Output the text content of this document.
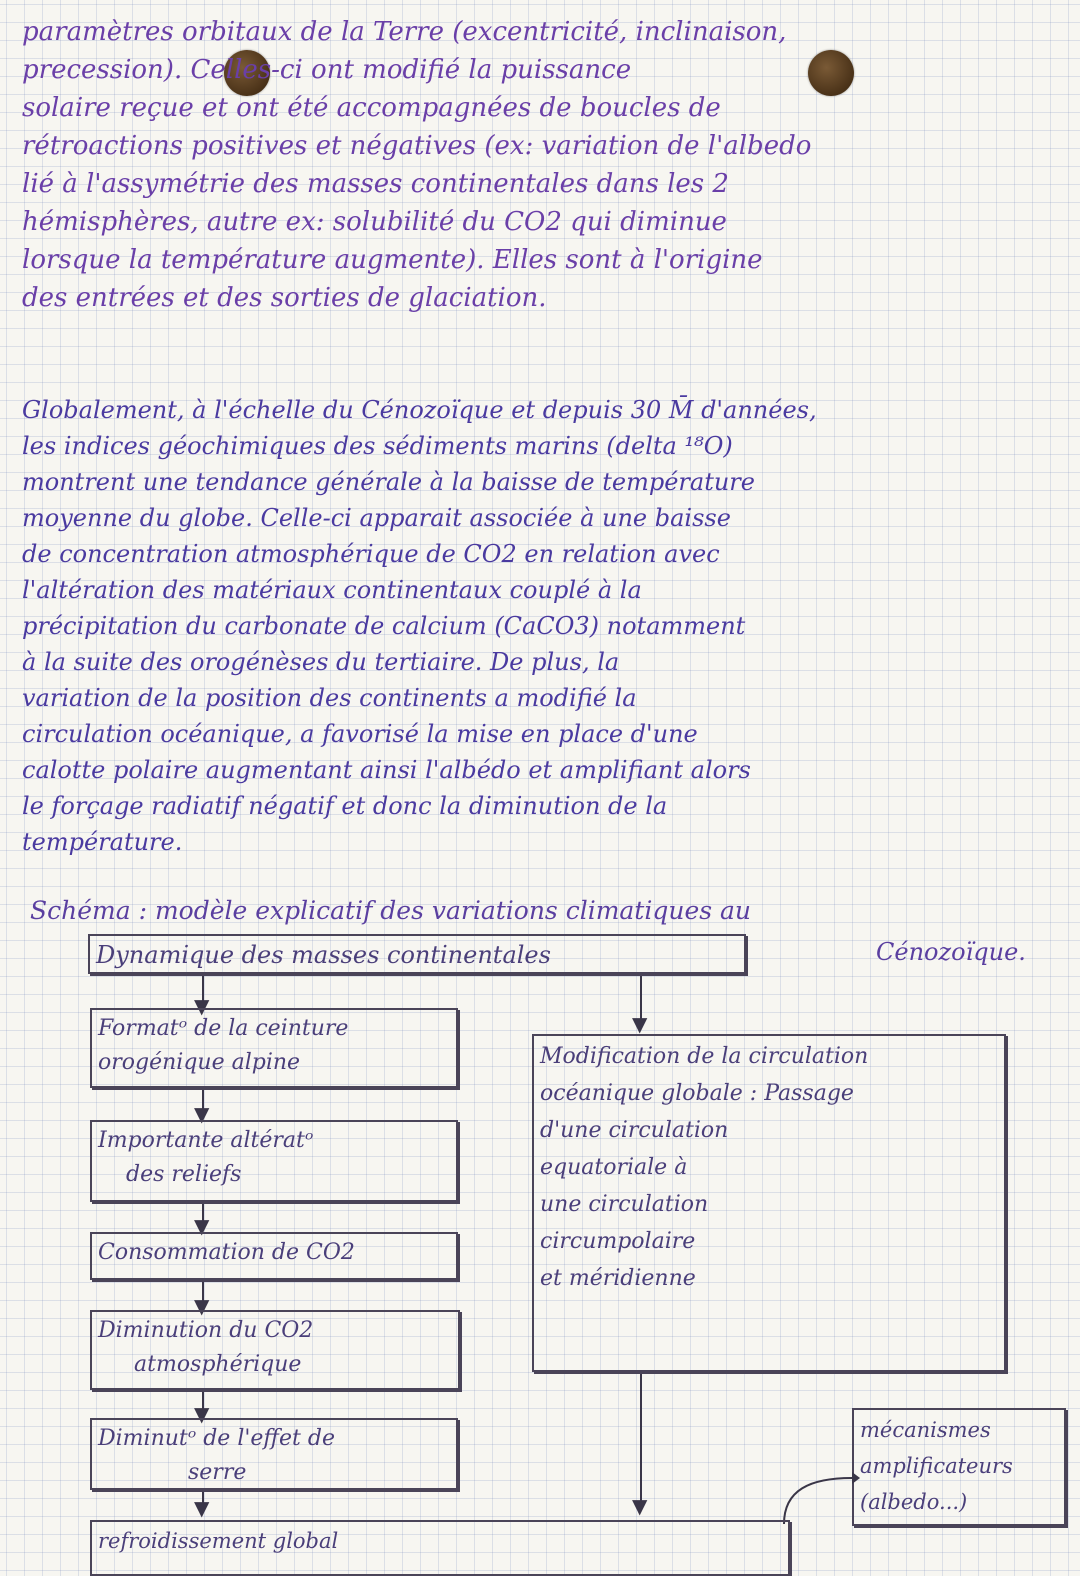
paramètres orbitaux de la Terre (excentricité, inclinaison,
precession). Celles-ci ont modifié la puissance
solaire reçue et ont été accompagnées de boucles de
rétroactions positives et négatives (ex: variation de l'albedo
lié à l'assymétrie des masses continentales dans les 2
hémisphères, autre ex: solubilité du CO2 qui diminue
lorsque la température augmente). Elles sont à l'origine
des entrées et des sorties de glaciation.
Globalement, à l'échelle du Cénozoïque et depuis 30 M̄ d'années,
les indices géochimiques des sédiments marins (delta ¹⁸O)
montrent une tendance générale à la baisse de température
moyenne du globe. Celle-ci apparait associée à une baisse
de concentration atmosphérique de CO2 en relation avec
l'altération des matériaux continentaux couplé à la
précipitation du carbonate de calcium (CaCO3) notamment
à la suite des orogénèses du tertiaire. De plus, la
variation de la position des continents a modifié la
circulation océanique, a favorisé la mise en place d'une
calotte polaire augmentant ainsi l'albédo et amplifiant alors
le forçage radiatif négatif et donc la diminution de la
température.
Schéma : modèle explicatif des variations climatiques au
Cénozoïque.
Dynamique des masses continentales
▼
Formatᵒ de la ceinture
orogénique alpine
▼
Importante altératᵒ
des reliefs
▼
Consommation de CO2
▼
Diminution du CO2
atmosphérique
▼
Diminutᵒ de l'effet de
serre
▼
▼
Modification de la circulation
océanique globale : Passage
d'une circulation
equatoriale à
une circulation
circumpolaire
et méridienne
▼
mécanismes
amplificateurs
(albedo...)
refroidissement global
